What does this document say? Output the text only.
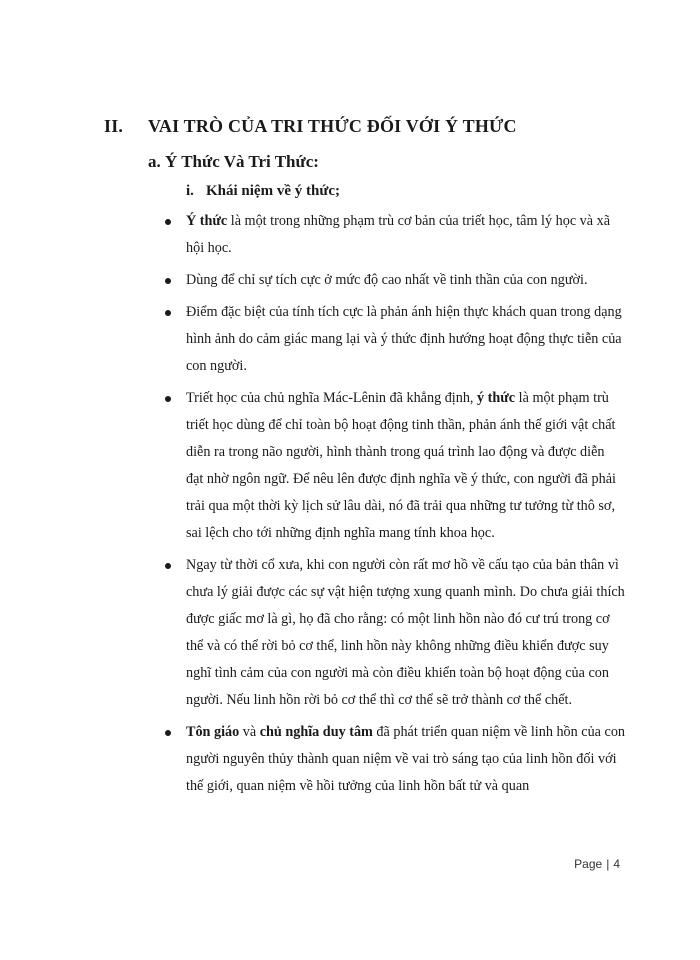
II. VAI TRÒ CỦA TRI THỨC ĐỐI VỚI Ý THỨC
a. Ý Thức Và Tri Thức:
i. Khái niệm về ý thức;
Ý thức là một trong những phạm trù cơ bản của triết học, tâm lý học và xã hội học.
Dùng để chỉ sự tích cực ở mức độ cao nhất về tinh thần của con người.
Điểm đặc biệt của tính tích cực là phản ánh hiện thực khách quan trong dạng hình ảnh do cảm giác mang lại và ý thức định hướng hoạt động thực tiễn của con người.
Triết học của chủ nghĩa Mác-Lênin đã khẳng định, ý thức là một phạm trù triết học dùng để chỉ toàn bộ hoạt động tinh thần, phản ánh thế giới vật chất diễn ra trong não người, hình thành trong quá trình lao động và được diễn đạt nhờ ngôn ngữ. Để nêu lên được định nghĩa về ý thức, con người đã phải trải qua một thời kỳ lịch sử lâu dài, nó đã trải qua những tư tưởng từ thô sơ, sai lệch cho tới những định nghĩa mang tính khoa học.
Ngay từ thời cổ xưa, khi con người còn rất mơ hồ về cấu tạo của bản thân vì chưa lý giải được các sự vật hiện tượng xung quanh mình. Do chưa giải thích được giấc mơ là gì, họ đã cho rằng: có một linh hồn nào đó cư trú trong cơ thể và có thể rời bỏ cơ thể, linh hồn này không những điều khiển được suy nghĩ tình cảm của con người mà còn điều khiển toàn bộ hoạt động của con người. Nếu linh hồn rời bỏ cơ thể thì cơ thể sẽ trở thành cơ thể chết.
Tôn giáo và chủ nghĩa duy tâm đã phát triển quan niệm về linh hồn của con người nguyên thủy thành quan niệm về vai trò sáng tạo của linh hồn đối với thế giới, quan niệm về hồi tưởng của linh hồn bất tử và quan
Page | 4
